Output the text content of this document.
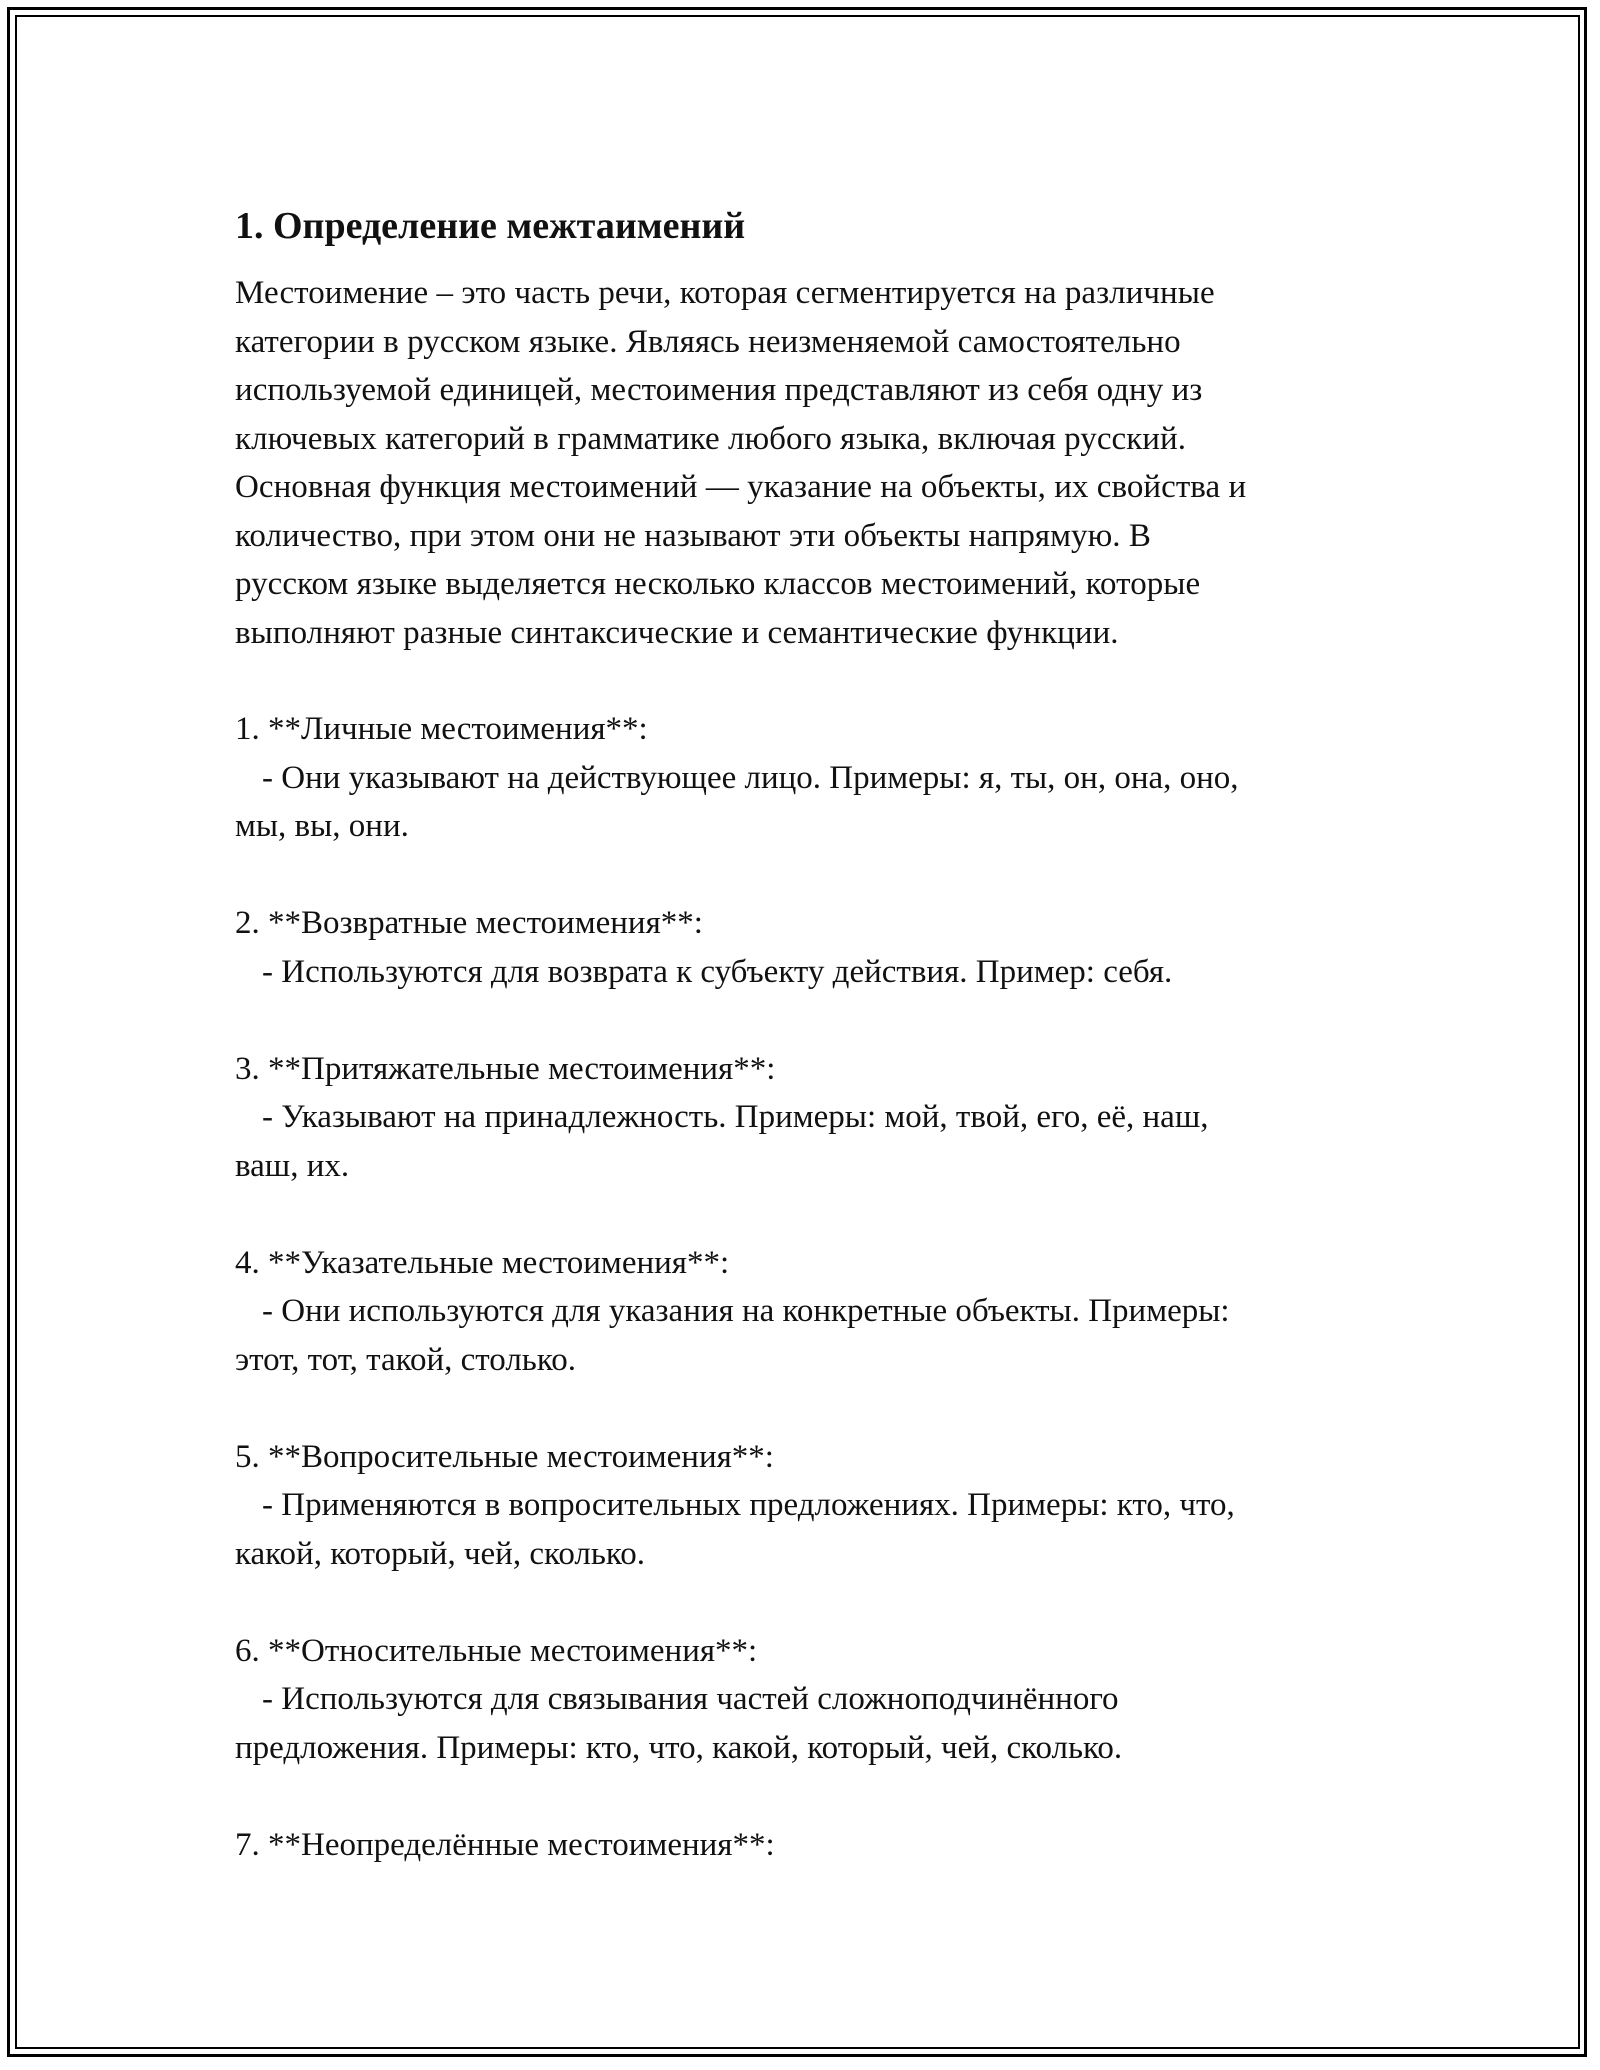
1. Определение межтаимений

Местоимение – это часть речи, которая сегментируется на различные
категории в русском языке. Являясь неизменяемой самостоятельно
используемой единицей, местоимения представляют из себя одну из
ключевых категорий в грамматике любого языка, включая русский.
Основная функция местоимений — указание на объекты, их свойства и
количество, при этом они не называют эти объекты напрямую. В
русском языке выделяется несколько классов местоимений, которые
выполняют разные синтаксические и семантические функции.

1. **Личные местоимения**:
- Они указывают на действующее лицо. Примеры: я, ты, он, она, оно,
мы, вы, они.
2. **Возвратные местоимения**:
- Используются для возврата к субъекту действия. Пример: себя.
3. **Притяжательные местоимения**:
- Указывают на принадлежность. Примеры: мой, твой, его, её, наш,
ваш, их.
4. **Указательные местоимения**:
- Они используются для указания на конкретные объекты. Примеры:
этот, тот, такой, столько.
5. **Вопросительные местоимения**:
- Применяются в вопросительных предложениях. Примеры: кто, что,
какой, который, чей, сколько.
6. **Относительные местоимения**:
- Используются для связывания частей сложноподчинённого
предложения. Примеры: кто, что, какой, который, чей, сколько.
7. **Неопределённые местоимения**:
